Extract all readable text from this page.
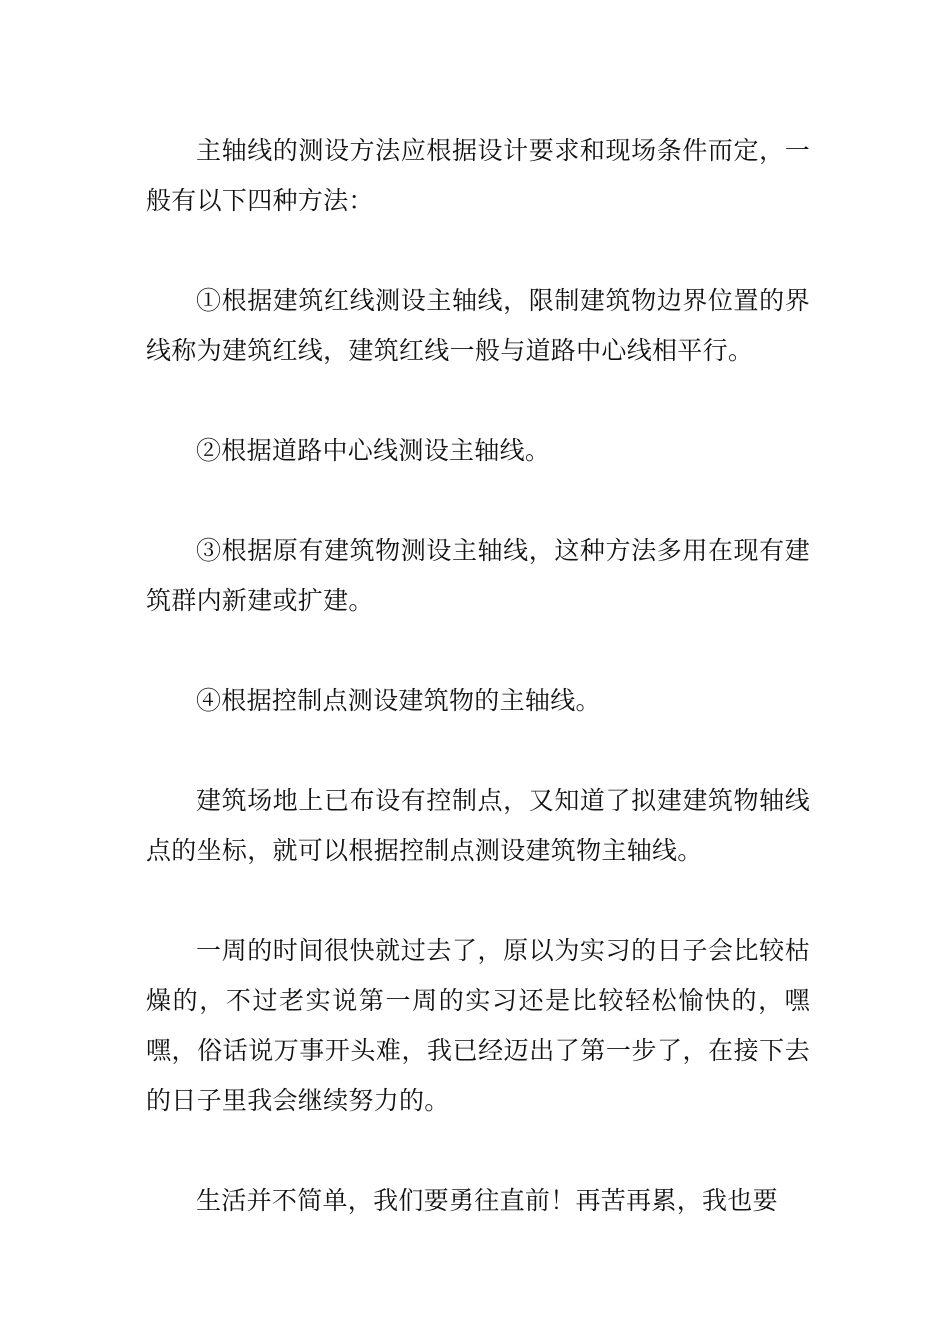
主轴线的测设方法应根据设计要求和现场条件而定，一般有以下四种方法：

①根据建筑红线测设主轴线，限制建筑物边界位置的界线称为建筑红线，建筑红线一般与道路中心线相平行。

②根据道路中心线测设主轴线。

③根据原有建筑物测设主轴线，这种方法多用在现有建筑群内新建或扩建。

④根据控制点测设建筑物的主轴线。

建筑场地上已布设有控制点，又知道了拟建建筑物轴线点的坐标，就可以根据控制点测设建筑物主轴线。

一周的时间很快就过去了，原以为实习的日子会比较枯燥的，不过老实说第一周的实习还是比较轻松愉快的，嘿嘿，俗话说万事开头难，我已经迈出了第一步了，在接下去的日子里我会继续努力的。

生活并不简单，我们要勇往直前！再苦再累，我也要
